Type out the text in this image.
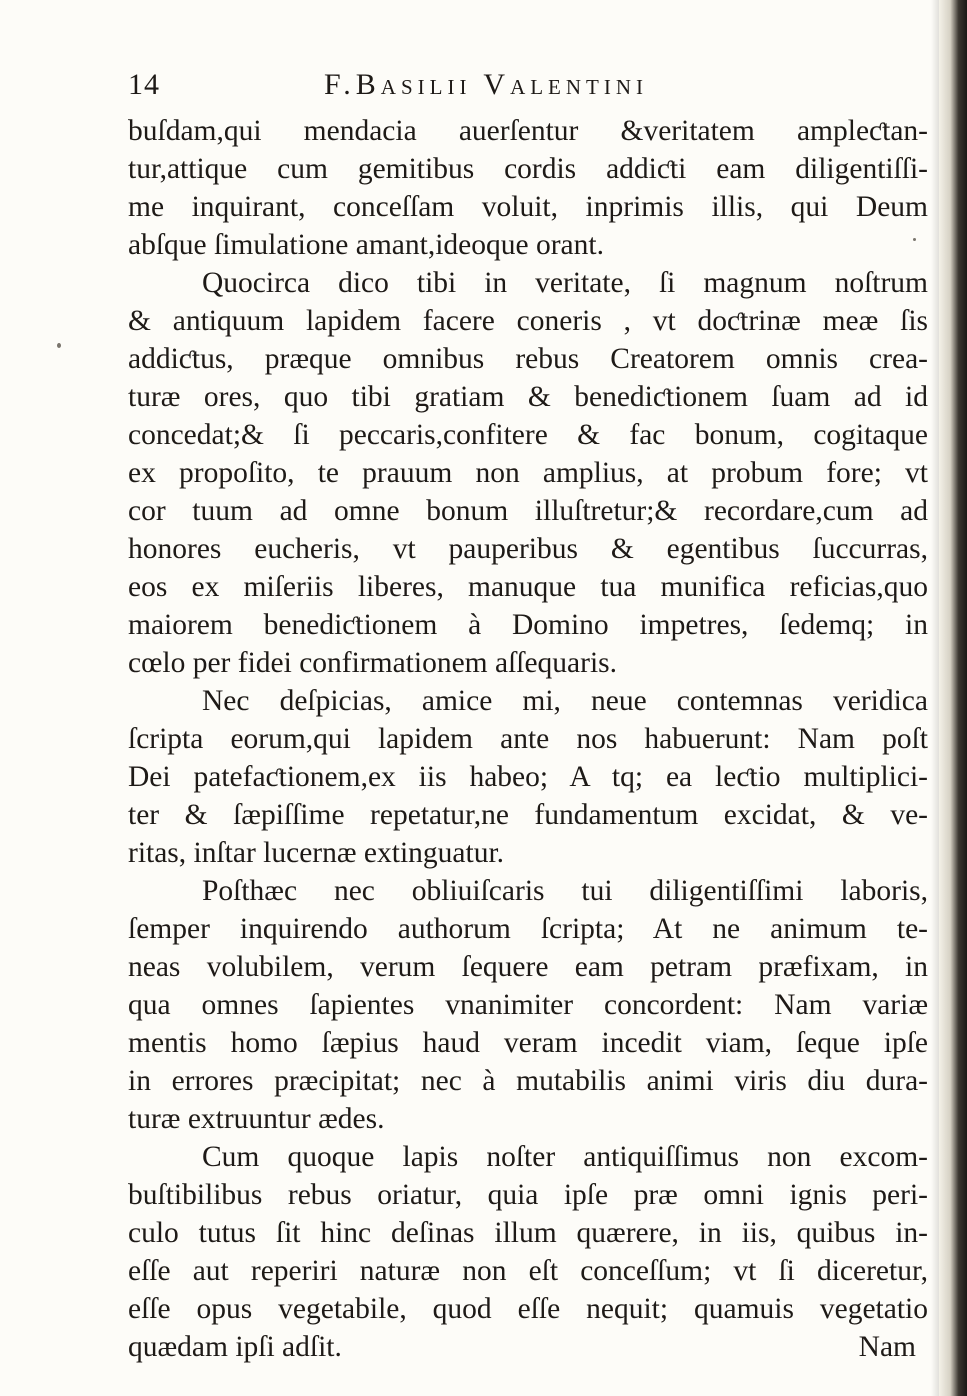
14	F.Basilii Valentini
buſdam,qui mendacia auerſentur &veritatem ampleƈtan-
tur,attique cum gemitibus cordis addiƈti eam diligentiſſi-
me inquirant, conceſſam voluit, inprimis illis, qui Deum
abſque ſimulatione amant,ideoque orant.
Quocirca dico tibi in veritate, ſi magnum noſtrum
& antiquum lapidem facere coneris , vt doƈtrinæ meæ ſis
addiƈtus, præque omnibus rebus Creatorem omnis crea-
turæ ores, quo tibi gratiam & benediƈtionem ſuam ad id
concedat;& ſi peccaris,confitere & fac bonum, cogitaque
ex propoſito, te prauum non amplius, at probum fore; vt
cor tuum ad omne bonum illuſtretur;& recordare,cum ad
honores eucheris, vt pauperibus & egentibus ſuccurras,
eos ex miſeriis liberes, manuque tua munifica reficias,quo
maiorem benediƈtionem à Domino impetres, ſedemq; in
cœlo per fidei confirmationem aſſequaris.
Nec deſpicias, amice mi, neue contemnas veridica
ſcripta eorum,qui lapidem ante nos habuerunt: Nam poſt
Dei patefaƈtionem,ex iis habeo; A tq; ea leƈtio multiplici-
ter & ſæpiſſime repetatur,ne fundamentum excidat, & ve-
ritas, inſtar lucernæ extinguatur.
Poſthæc nec obliuiſcaris tui diligentiſſimi laboris,
ſemper inquirendo authorum ſcripta; At ne animum te-
neas volubilem, verum ſequere eam petram præfixam, in
qua omnes ſapientes vnanimiter concordent: Nam variæ
mentis homo ſæpius haud veram incedit viam, ſeque ipſe
in errores præcipitat; nec à mutabilis animi viris diu dura-
turæ extruuntur ædes.
Cum quoque lapis noſter antiquiſſimus non excom-
buſtibilibus rebus oriatur, quia ipſe præ omni ignis peri-
culo tutus ſit hinc deſinas illum quærere, in iis, quibus in-
eſſe aut reperiri naturæ non eſt conceſſum; vt ſi diceretur,
eſſe opus vegetabile, quod eſſe nequit; quamuis vegetatio
quædam ipſi adſit.	Nam
